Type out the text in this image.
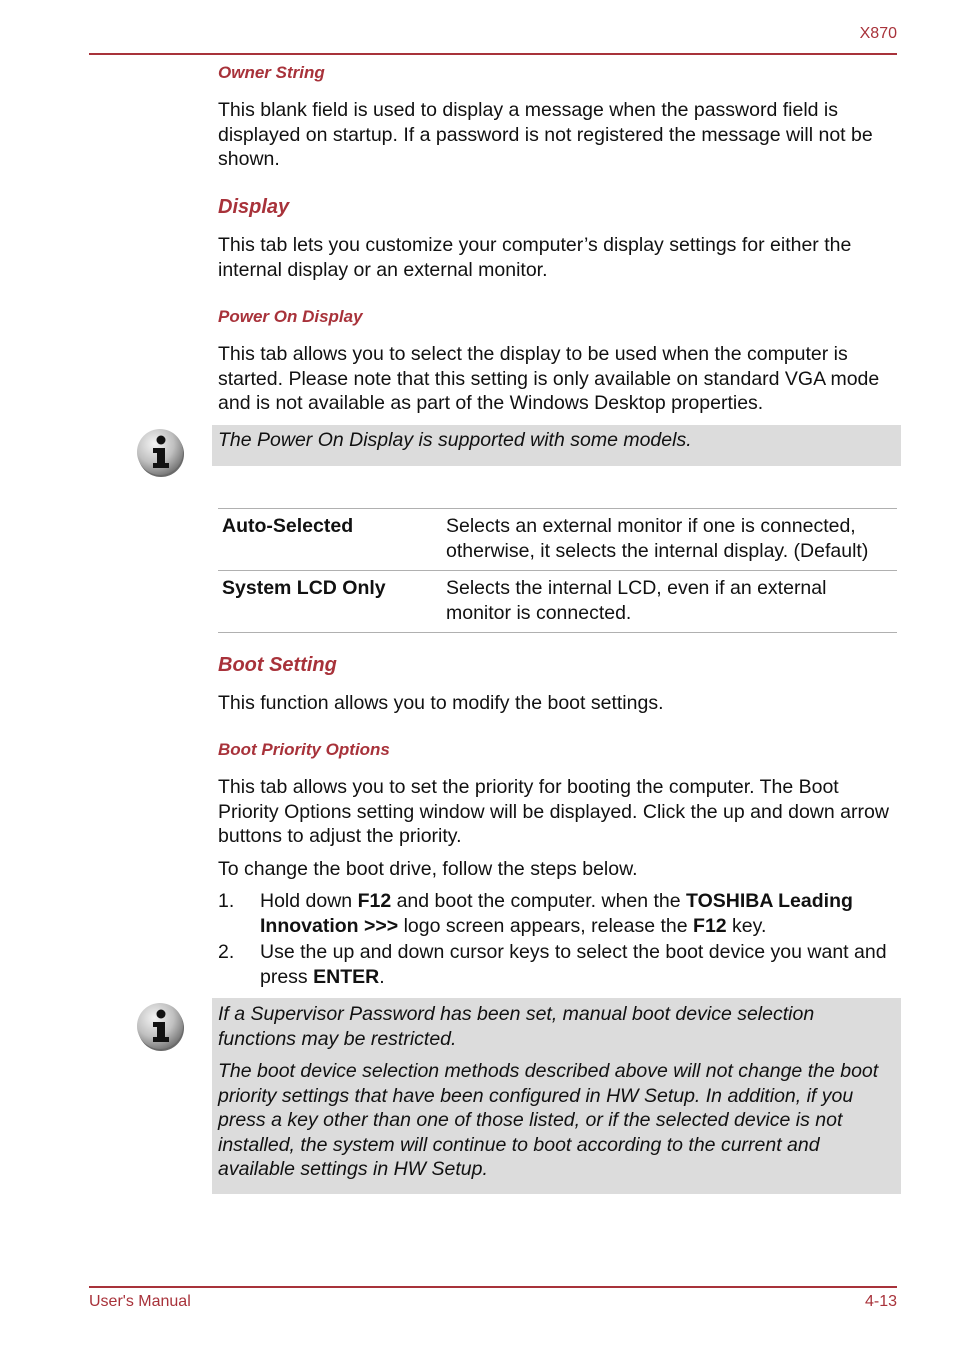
X870
Owner String

This blank field is used to display a message when the password field is displayed on startup. If a password is not registered the message will not be shown.

Display

This tab lets you customize your computer’s display settings for either the internal display or an external monitor.

Power On Display

This tab allows you to select the display to be used when the computer is started. Please note that this setting is only available on standard VGA mode and is not available as part of the Windows Desktop properties.

The Power On Display is supported with some models.

Auto-Selected	Selects an external monitor if one is connected, otherwise, it selects the internal display. (Default)
System LCD Only	Selects the internal LCD, even if an external monitor is connected.
Boot Setting

This function allows you to modify the boot settings.

Boot Priority Options

This tab allows you to set the priority for booting the computer. The Boot Priority Options setting window will be displayed. Click the up and down arrow buttons to adjust the priority.

To change the boot drive, follow the steps below.

1. Hold down F12 and boot the computer. when the TOSHIBA Leading Innovation >>> logo screen appears, release the F12 key.
2. Use the up and down cursor keys to select the boot device you want and press ENTER.

If a Supervisor Password has been set, manual boot device selection functions may be restricted.

The boot device selection methods described above will not change the boot priority settings that have been configured in HW Setup. In addition, if you press a key other than one of those listed, or if the selected device is not installed, the system will continue to boot according to the current and available settings in HW Setup.

User's Manual	4-13
